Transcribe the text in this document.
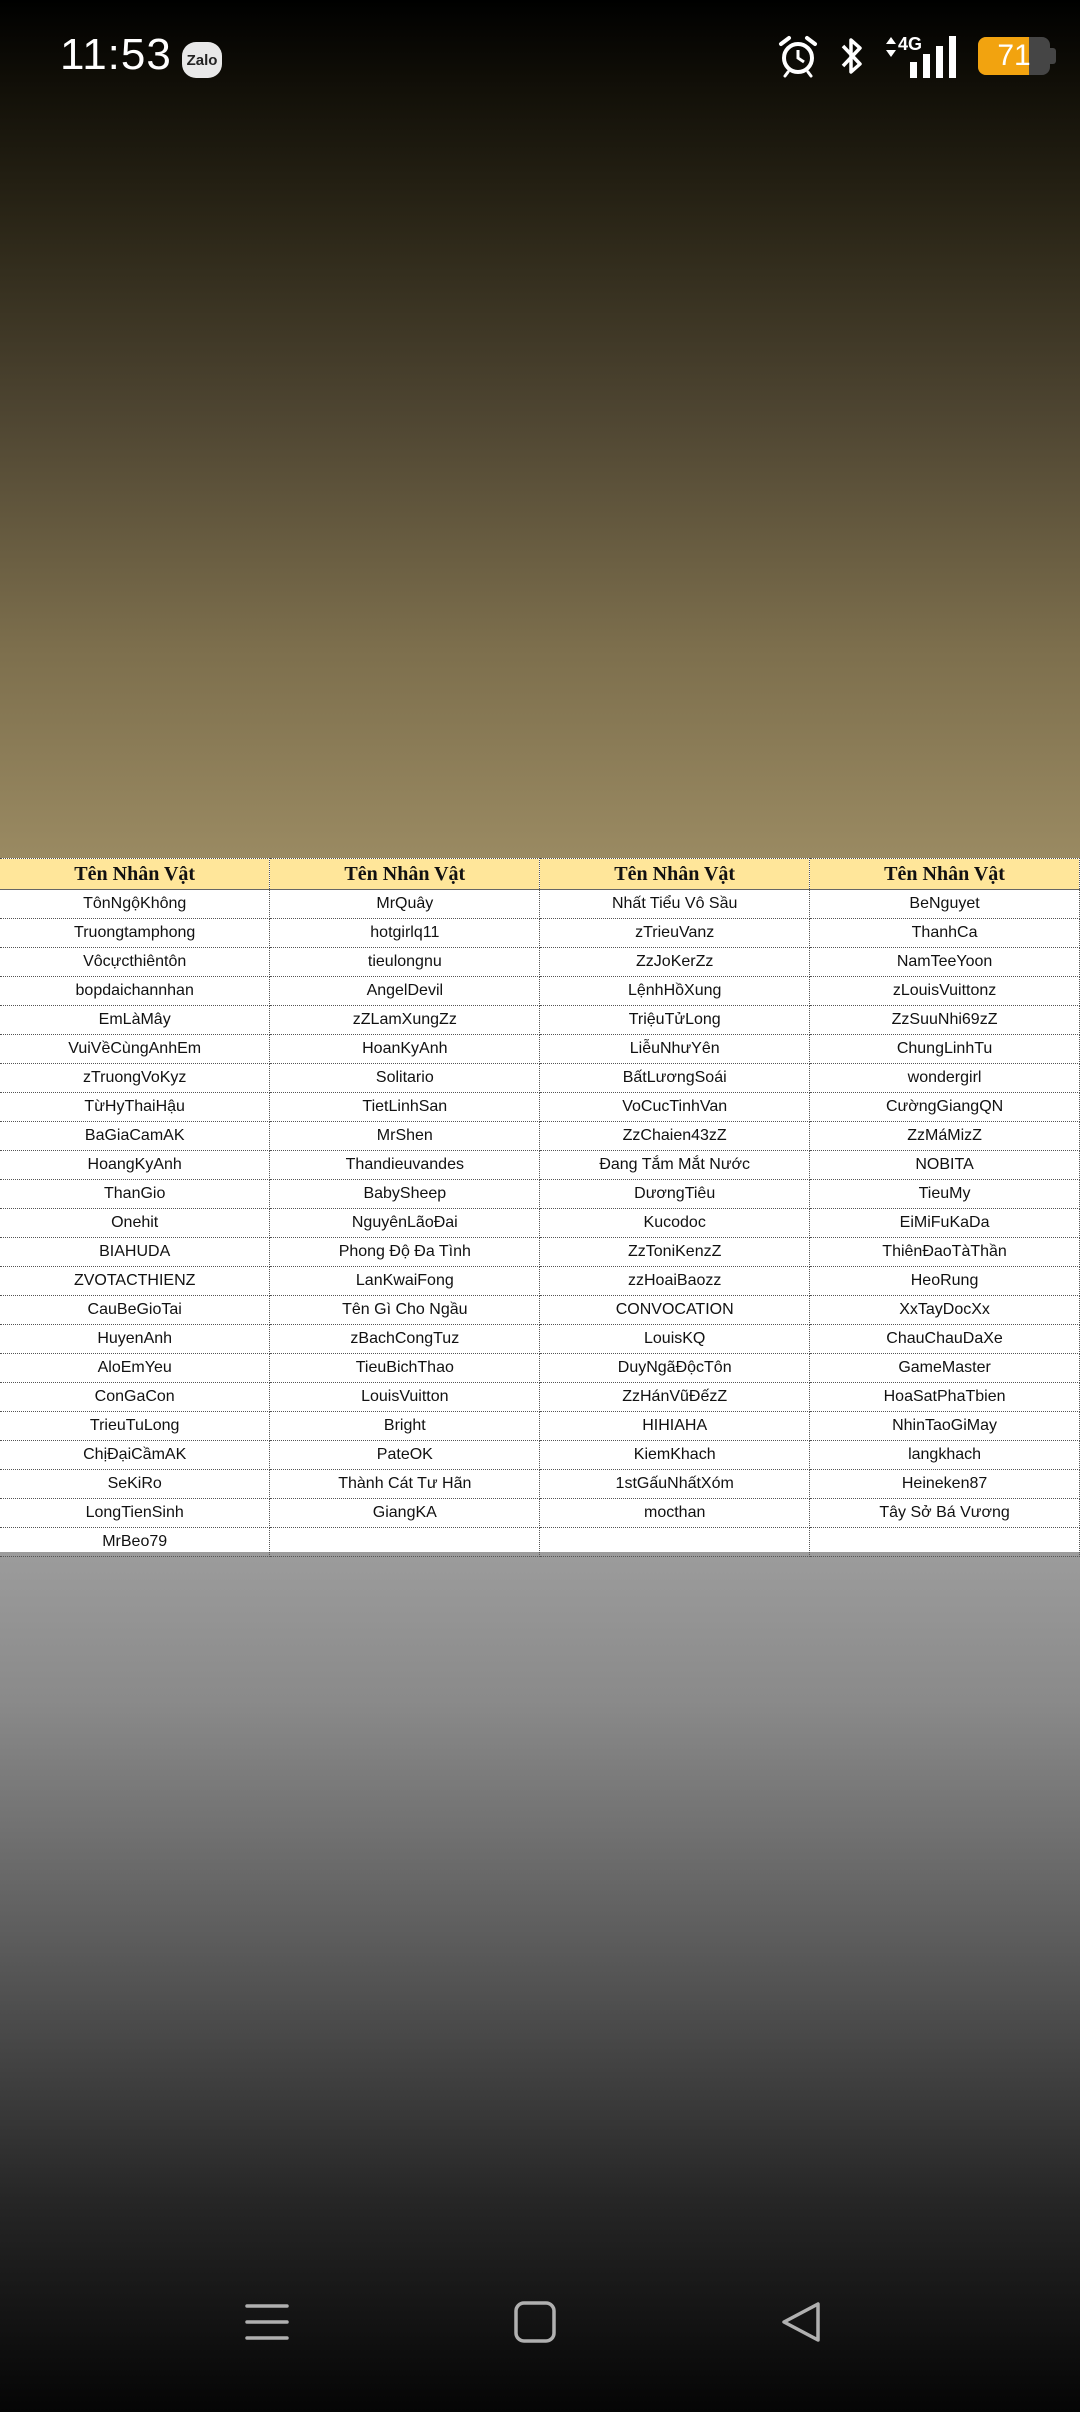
11:53 Zalo
4G	71
Tên Nhân Vật	Tên Nhân Vật	Tên Nhân Vật	Tên Nhân Vật
TônNgộKhông	MrQuây	Nhất Tiểu Vô Sầu	BeNguyet
Truongtamphong	hotgirlq11	zTrieuVanz	ThanhCa
Vôcựcthiêntôn	tieulongnu	ZzJoKerZz	NamTeeYoon
bopdaichannhan	AngelDevil	LệnhHồXung	zLouisVuittonz
EmLàMây	zZLamXungZz	TriệuTửLong	ZzSuuNhi69zZ
VuiVềCùngAnhEm	HoanKyAnh	LiễuNhưYên	ChungLinhTu
zTruongVoKyz	Solitario	BấtLươngSoái	wondergirl
TừHyThaiHậu	TietLinhSan	VoCucTinhVan	CườngGiangQN
BaGiaCamAK	MrShen	ZzChaien43zZ	ZzMáMizZ
HoangKyAnh	Thandieuvandes	Đang Tắm Mắt Nước	NOBITA
ThanGio	BabySheep	DươngTiêu	TieuMy
Onehit	NguyênLãoĐai	Kucodoc	EiMiFuKaDa
BIAHUDA	Phong Độ Đa Tình	ZzToniKenzZ	ThiênĐaoTàThần
ZVOTACTHIENZ	LanKwaiFong	zzHoaiBaozz	HeoRung
CauBeGioTai	Tên Gì Cho Ngầu	CONVOCATION	XxTayDocXx
HuyenAnh	zBachCongTuz	LouisKQ	ChauChauDaXe
AloEmYeu	TieuBichThao	DuyNgãĐộcTôn	GameMaster
ConGaCon	LouisVuitton	ZzHánVũĐếzZ	HoaSatPhaTbien
TrieuTuLong	Bright	HIHIAHA	NhinTaoGiMay
ChịĐạiCầmAK	PateOK	KiemKhach	langkhach
SeKiRo	Thành Cát Tư Hãn	1stGấuNhấtXóm	Heineken87
LongTienSinh	GiangKA	mocthan	Tây Sở Bá Vương
MrBeo79			
